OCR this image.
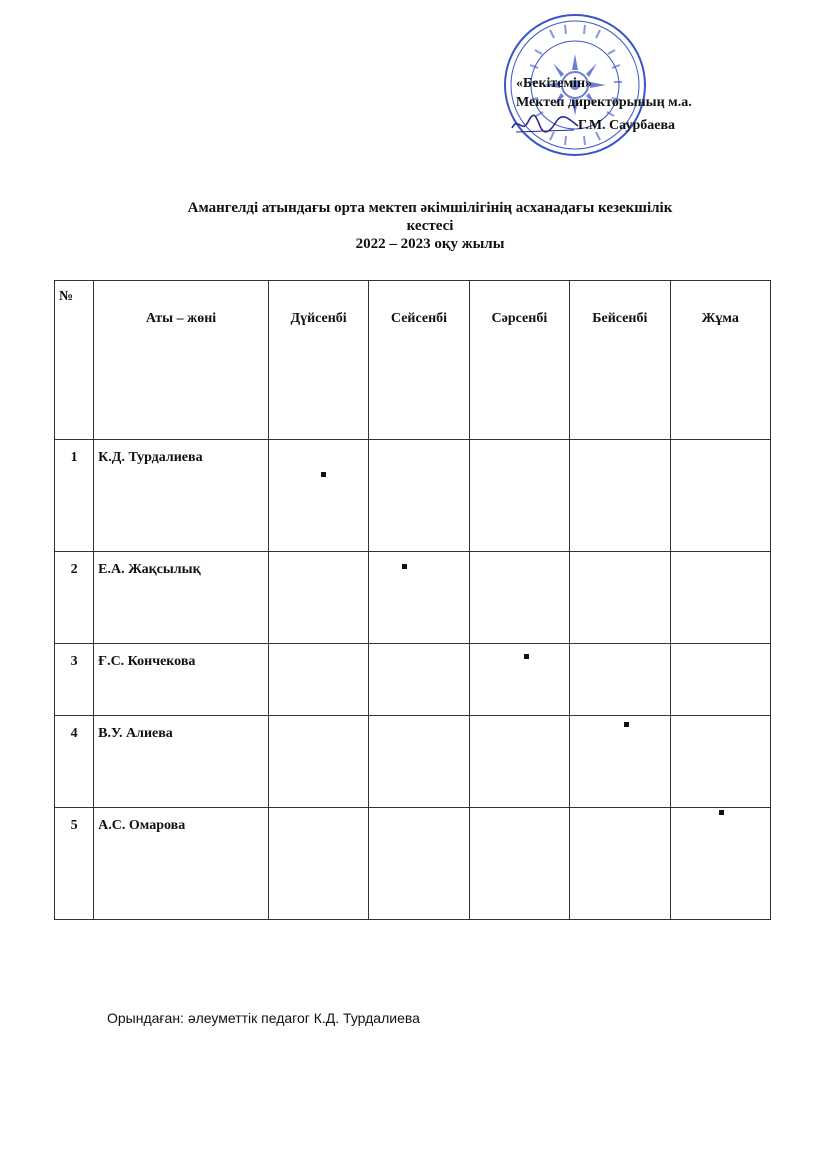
«Бекітемін»
Мектеп директорының м.а.
Г.М. Саурбаева
Амангелді атындағы орта мектеп әкімшілігінің асханадағы кезекшілік
кестесі
2022 – 2023 оқу жылы
№	Аты – жөні	Дүйсенбі	Сейсенбі	Сәрсенбі	Бейсенбі	Жұма
1	К.Д. Турдалиева	

2	Е.А. Жақсылық		

3	Ғ.С. Кончекова			

4	В.У. Алиева				

5	А.С. Омарова					
Орындаған: әлеуметтік педагог К.Д. Турдалиева
